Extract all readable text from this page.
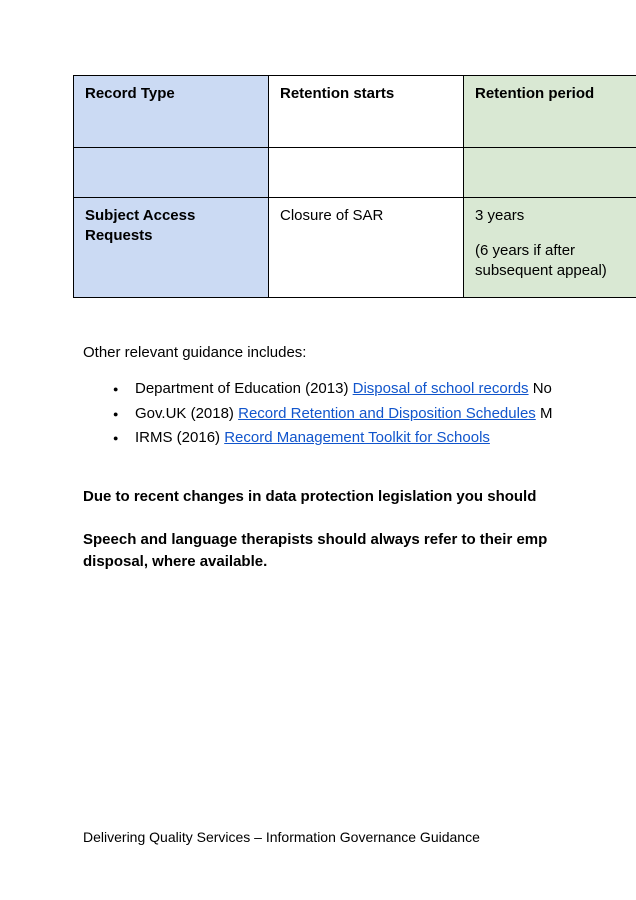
Record Type	Retention starts	Retention period

Subject Access Requests	Closure of SAR	3 years
(6 years if after subsequent appeal)
Other relevant guidance includes:
● Department of Education (2013) Disposal of school records No
● Gov.UK (2018) Record Retention and Disposition Schedules M
● IRMS (2016) Record Management Toolkit for Schools
Due to recent changes in data protection legislation you should
Speech and language therapists should always refer to their emp
disposal, where available.
Delivering Quality Services – Information Governance Guidance
